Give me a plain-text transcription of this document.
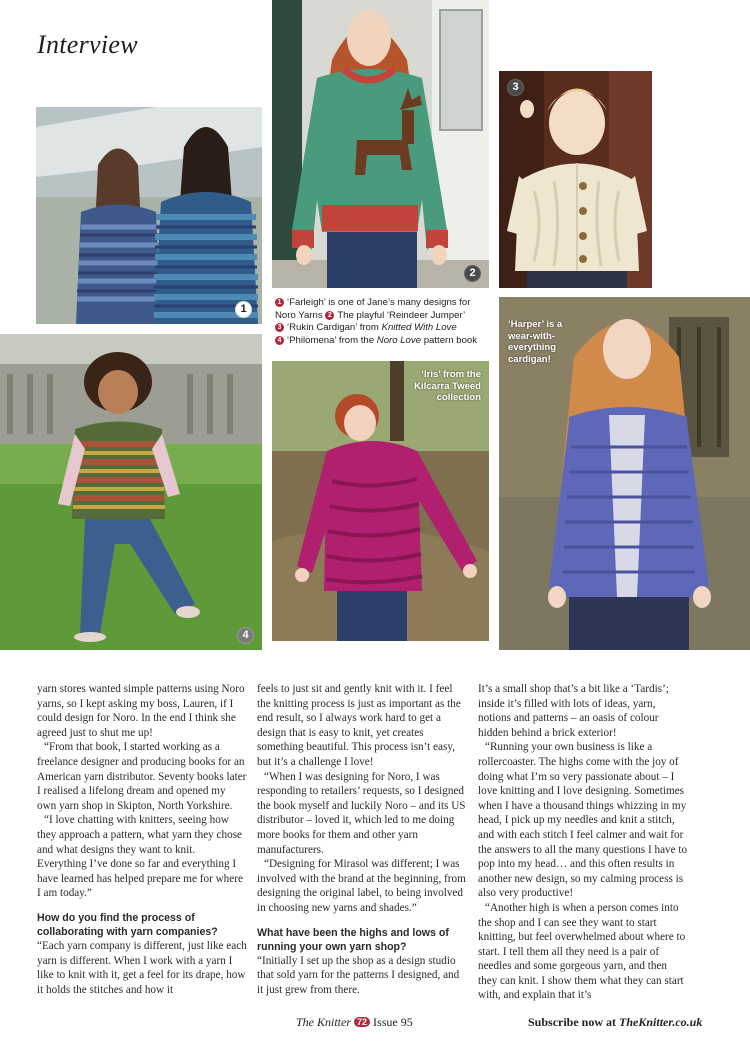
Interview
1
2
3
1 ‘Farleigh’ is one of Jane’s many designs for
Noro Yarns 2 The playful ‘Reindeer Jumper’
3 ‘Rukin Cardigan’ from Knitted With Love
4 ‘Philomena’ from the Noro Love pattern book
4
‘Iris’ from the
Kilcarra Tweed
collection
‘Harper’ is a
wear-with-
everything
cardigan!

yarn stores wanted simple patterns using Noro yarns, so I kept asking my boss, Lauren, if I could design for Noro. In the end I think she agreed just to shut me up!

“From that book, I started working as a freelance designer and producing books for an American yarn distributor. Seventy books later I realised a lifelong dream and opened my own yarn shop in Skipton, North Yorkshire.

“I love chatting with knitters, seeing how they approach a pattern, what yarn they chose and what designs they want to knit. Everything I’ve done so far and everything I have learned has helped prepare me for where I am today.”

How do you find the process of collaborating with yarn companies?

“Each yarn company is different, just like each yarn is different. When I work with a yarn I like to knit with it, get a feel for its drape, how it holds the stitches and how it

feels to just sit and gently knit with it. I feel the knitting process is just as important as the end result, so I always work hard to get a design that is easy to knit, yet creates something beautiful. This process isn’t easy, but it’s a challenge I love!

“When I was designing for Noro, I was responding to retailers’ requests, so I designed the book myself and luckily Noro – and its US distributor – loved it, which led to me doing more books for them and other yarn manufacturers.

“Designing for Mirasol was different; I was involved with the brand at the beginning, from designing the original label, to being involved in choosing new yarns and shades.”

What have been the highs and lows of running your own yarn shop?

“Initially I set up the shop as a design studio that sold yarn for the patterns I designed, and it just grew from there.

It’s a small shop that’s a bit like a ‘Tardis’; inside it’s filled with lots of ideas, yarn, notions and patterns – an oasis of colour hidden behind a brick exterior!

“Running your own business is like a rollercoaster. The highs come with the joy of doing what I’m so very passionate about – I love knitting and I love designing. Sometimes when I have a thousand things whizzing in my head, I pick up my needles and knit a stitch, and with each stitch I feel calmer and wait for the answers to all the many questions I have to pop into my head… and this often results in another new design, so my calming process is also very productive!

“Another high is when a person comes into the shop and I can see they want to start knitting, but feel overwhelmed about where to start. I tell them all they need is a pair of needles and some gorgeous yarn, and then they can knit. I show them what they can start with, and explain that it’s

The Knitter 72 Issue 95	Subscribe now at TheKnitter.co.uk
